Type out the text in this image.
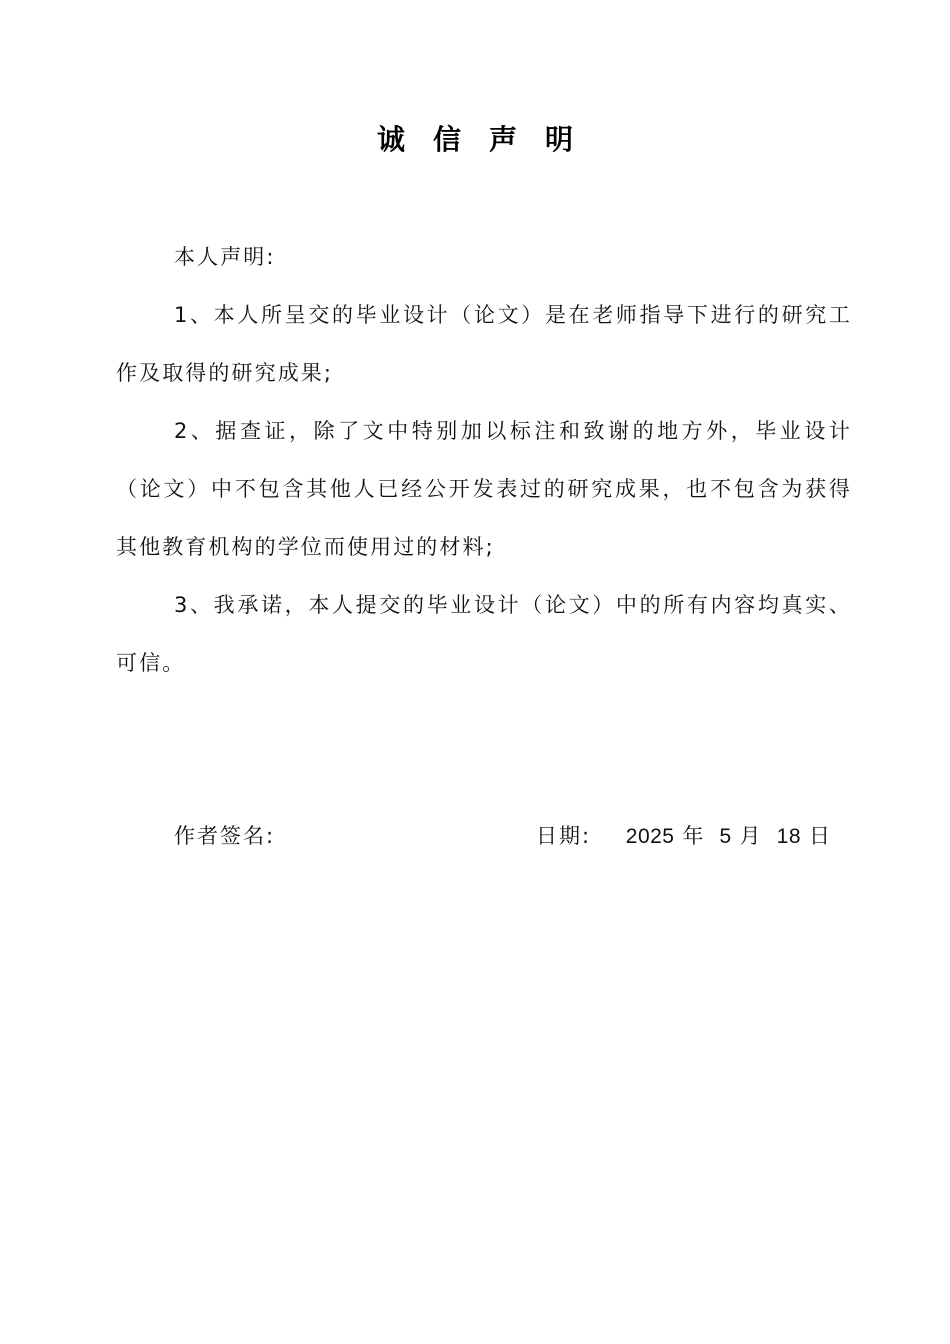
诚信声明

本人声明:

1、本人所呈交的毕业设计（论文）是在老师指导下进行的研究工作及取得的研究成果;

2、据查证，除了文中特别加以标注和致谢的地方外，毕业设计（论文）中不包含其他人已经公开发表过的研究成果，也不包含为获得其他教育机构的学位而使用过的材料;

3、我承诺，本人提交的毕业设计（论文）中的所有内容均真实、可信。

作者签名:	日期: 2025 年 5 月 18 日
